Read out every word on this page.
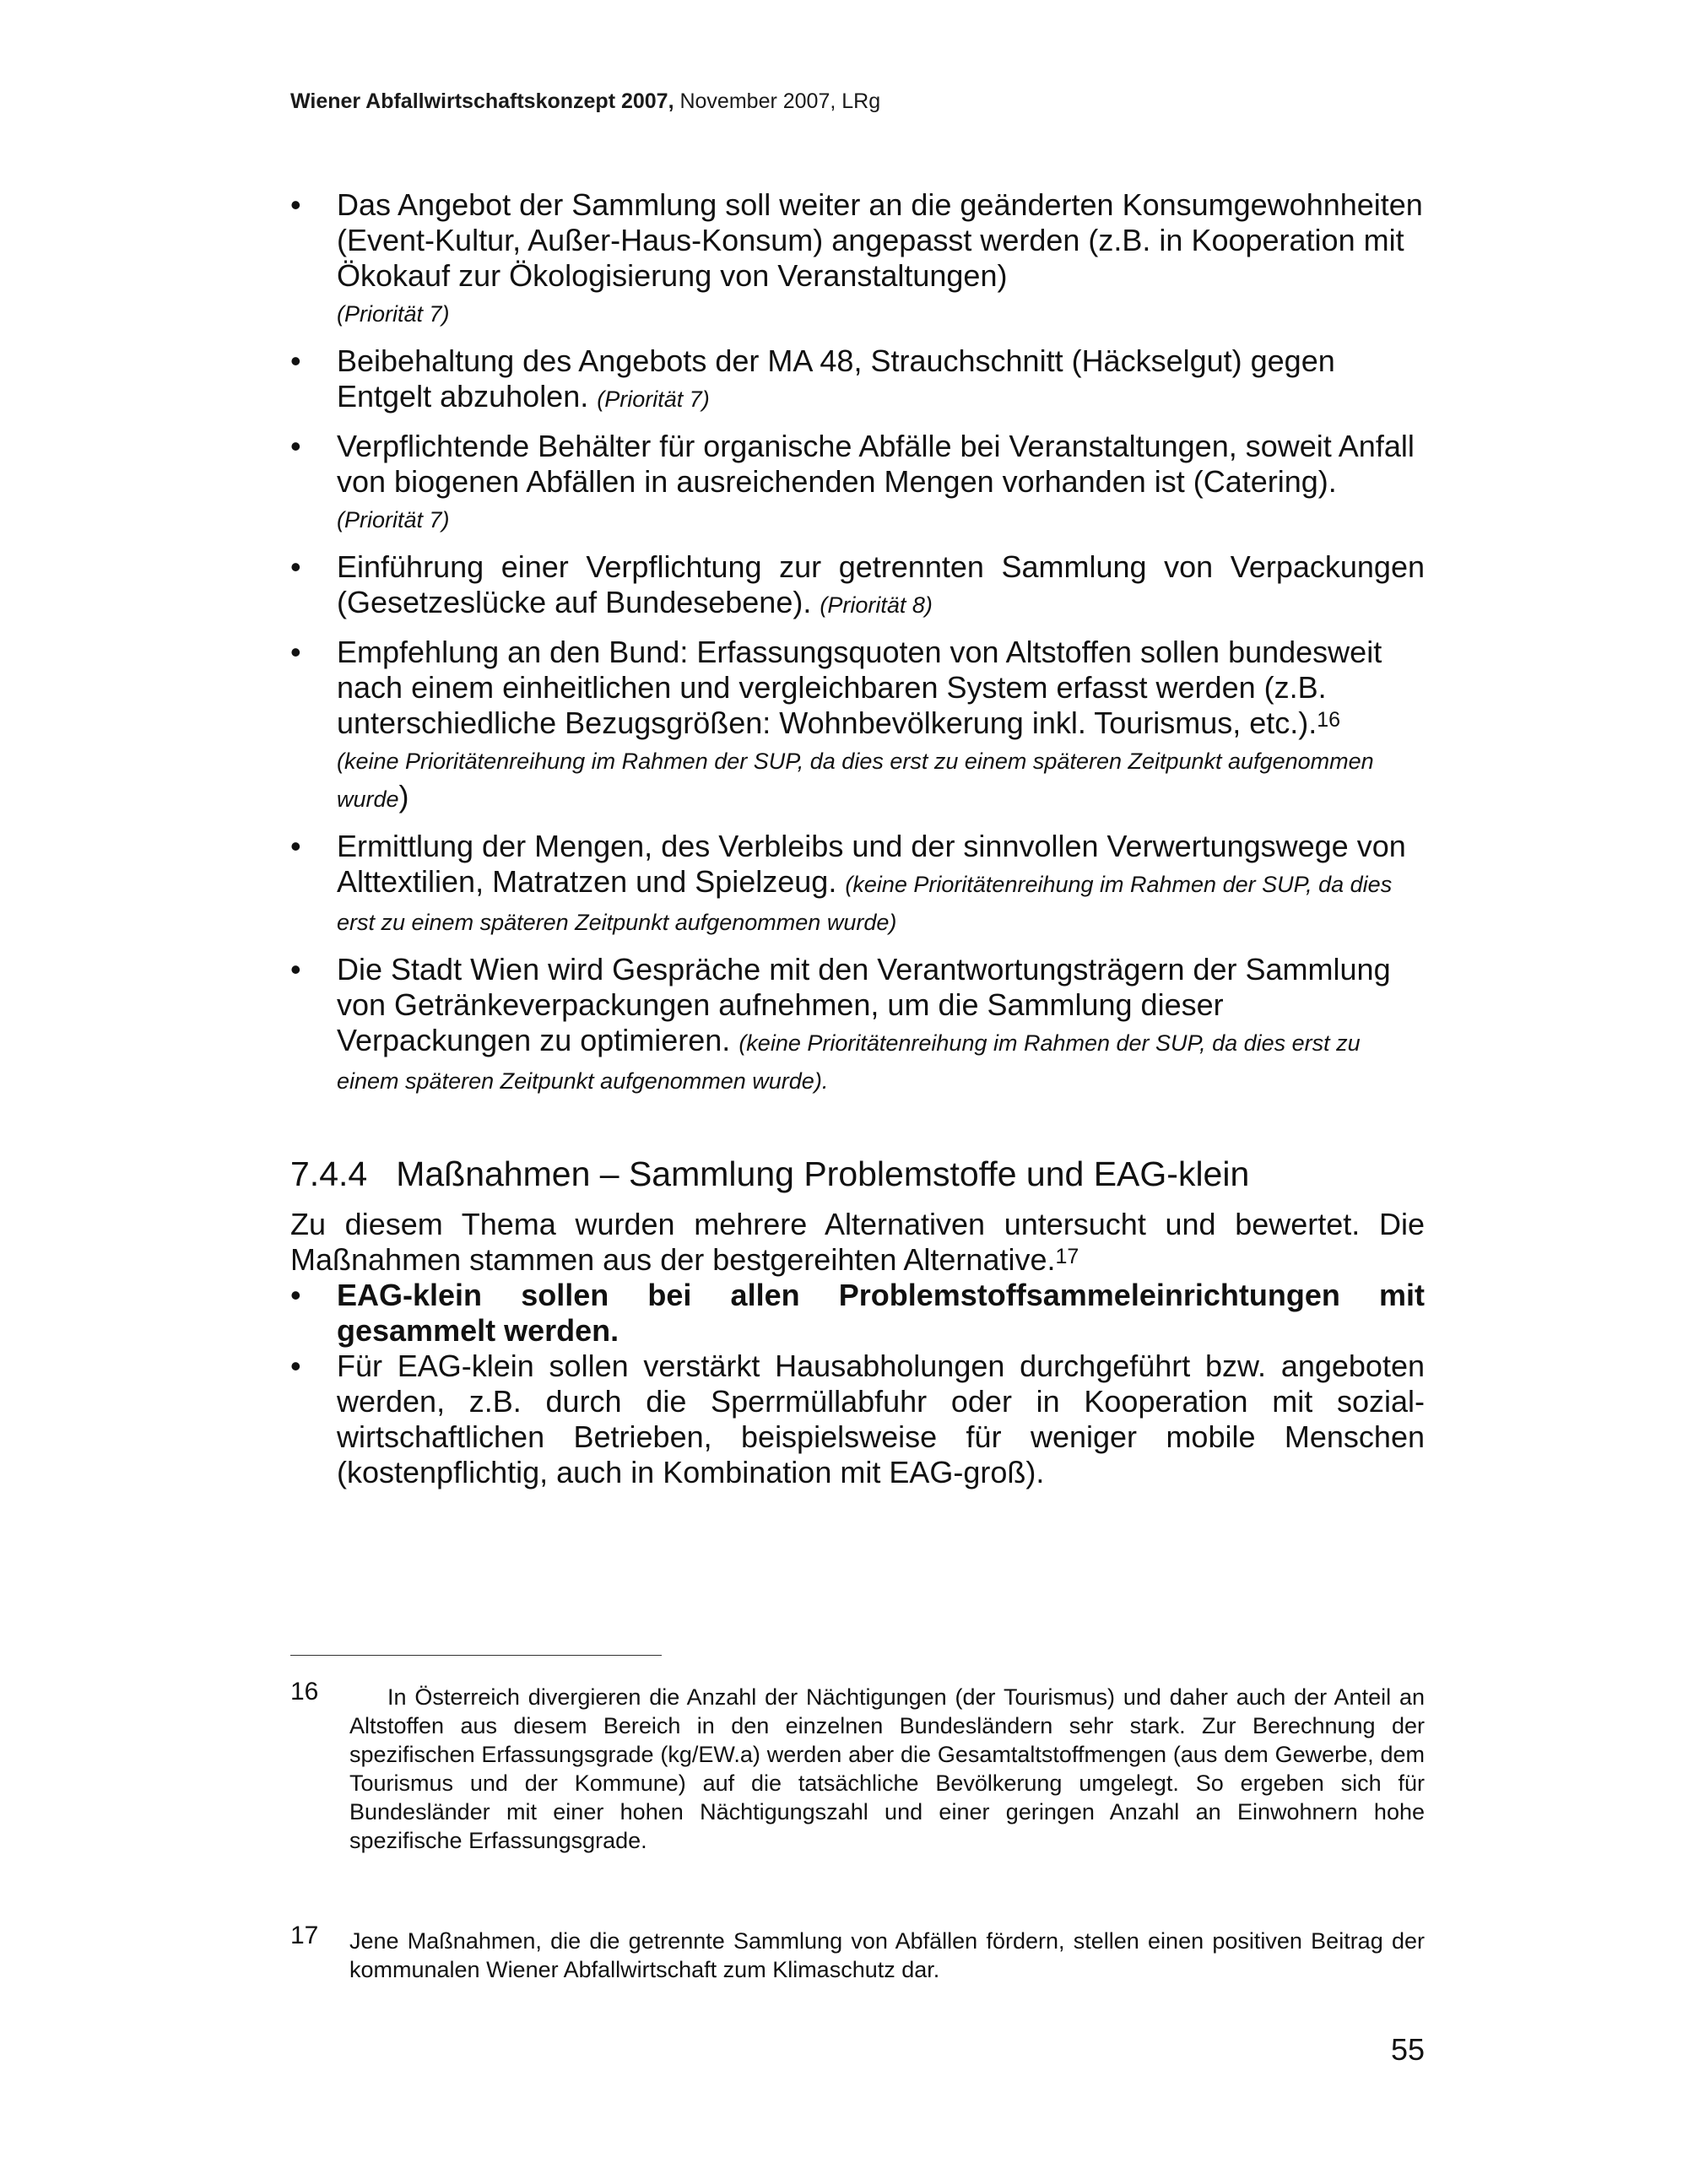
Wiener Abfallwirtschaftskonzept 2007, November 2007, LRg
•	Das Angebot der Sammlung soll weiter an die geänderten Konsumgewohnheiten (Event-Kultur, Außer-Haus-Konsum) angepasst werden (z.B. in Kooperation mit Ökokauf zur Ökologisierung von Veranstaltungen)
(Priorität 7)
•	Beibehaltung des Angebots der MA 48, Strauchschnitt (Häckselgut) gegen Entgelt abzuholen. (Priorität 7)
•	Verpflichtende Behälter für organische Abfälle bei Veranstaltungen, soweit Anfall von biogenen Abfällen in ausreichenden Mengen vorhanden ist (Catering). (Priorität 7)
•	Einführung einer Verpflichtung zur getrennten Sammlung von Verpackungen (Gesetzeslücke auf Bundesebene). (Priorität 8)
•	Empfehlung an den Bund: Erfassungsquoten von Altstoffen sollen bundesweit nach einem einheitlichen und vergleichbaren System erfasst werden (z.B. unterschiedliche Bezugsgrößen: Wohnbevölkerung inkl. Tourismus, etc.).$^{16}$
(keine Prioritätenreihung im Rahmen der SUP, da dies erst zu einem späteren Zeitpunkt aufgenommen wurde)
•	Ermittlung der Mengen, des Verbleibs und der sinnvollen Verwertungswege von Alttextilien, Matratzen und Spielzeug. (keine Prioritätenreihung im Rahmen der SUP, da dies erst zu einem späteren Zeitpunkt aufgenommen wurde)
•	Die Stadt Wien wird Gespräche mit den Verantwortungsträgern der Sammlung von Getränkeverpackungen aufnehmen, um die Sammlung dieser Verpackungen zu optimieren. (keine Prioritätenreihung im Rahmen der SUP, da dies erst zu einem späteren Zeitpunkt aufgenommen wurde).
7.4.4 Maßnahmen – Sammlung Problemstoffe und EAG-klein

Zu diesem Thema wurden mehrere Alternativen untersucht und bewertet. Die Maßnahmen stammen aus der bestgereihten Alternative.$^{17}$

•	EAG-klein sollen bei allen Problemstoffsammeleinrichtungen mit gesammelt werden.
•	Für EAG-klein sollen verstärkt Hausabholungen durchgeführt bzw. angeboten werden, z.B. durch die Sperrmüllabfuhr oder in Kooperation mit sozial-wirtschaftlichen Betrieben, beispielsweise für weniger mobile Menschen (kostenpflichtig, auch in Kombination mit EAG-groß).
16	In Österreich divergieren die Anzahl der Nächtigungen (der Tourismus) und daher auch der Anteil an Altstoffen aus diesem Bereich in den einzelnen Bundesländern sehr stark. Zur Berechnung der spezifischen Erfassungsgrade (kg/EW.a) werden aber die Gesamtaltstoffmengen (aus dem Gewerbe, dem Tourismus und der Kommune) auf die tatsächliche Bevölkerung umgelegt. So ergeben sich für Bundesländer mit einer hohen Nächtigungszahl und einer geringen Anzahl an Einwohnern hohe spezifische Erfassungsgrade.
17 Jene Maßnahmen, die die getrennte Sammlung von Abfällen fördern, stellen einen positiven Beitrag der kommunalen Wiener Abfallwirtschaft zum Klimaschutz dar.
55
